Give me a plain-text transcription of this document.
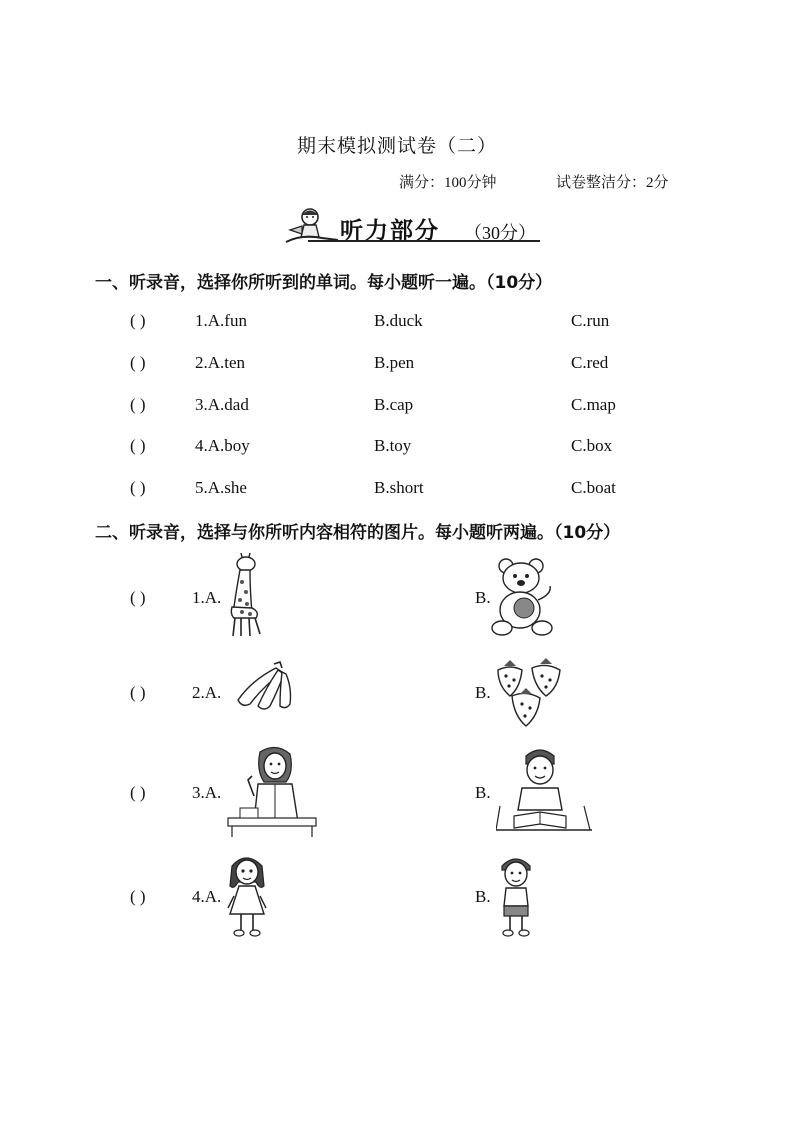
期末模拟测试卷（二）
满分：100分钟	试卷整洁分：2分
听力部分 （30分）
一、听录音，选择你所听到的单词。每小题听一遍。（10分）
( )	1.A.fun	B.duck	C.run
( )	2.A.ten	B.pen	C.red
( )	3.A.dad	B.cap	C.map
( )	4.A.boy	B.toy	C.box
( )	5.A.she	B.short	C.boat
二、听录音，选择与你所听内容相符的图片。每小题听两遍。（10分）
( )	1.A.	B.
( )	2.A.	B.
( )	3.A.	B.
( )	4.A.	B.
